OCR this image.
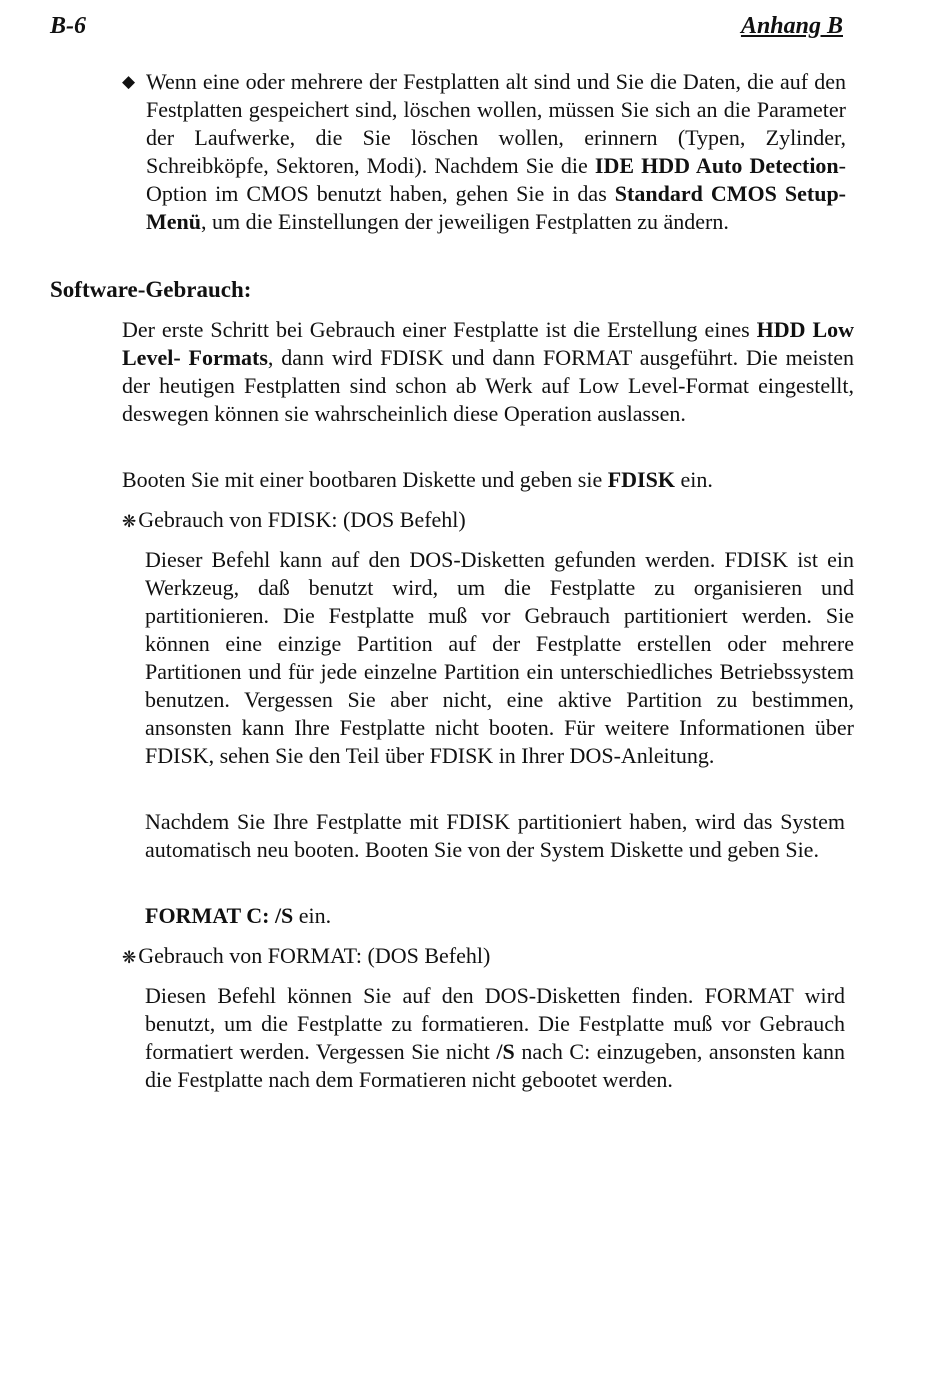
B-6	Anhang B
◆ Wenn eine oder mehrere der Festplatten alt sind und Sie die Daten, die auf den Festplatten gespeichert sind, löschen wollen, müssen Sie sich an die Parameter der Laufwerke, die Sie löschen wollen, erinnern (Typen, Zylinder, Schreibköpfe, Sektoren, Modi). Nachdem Sie die IDE HDD Auto Detection-Option im CMOS benutzt haben, gehen Sie in das Standard CMOS Setup-Menü, um die Einstellungen der jeweiligen Festplatten zu ändern.

Software-Gebrauch:

Der erste Schritt bei Gebrauch einer Festplatte ist die Erstellung eines HDD Low Level- Formats, dann wird FDISK und dann FORMAT ausgeführt. Die meisten der heutigen Festplatten sind schon ab Werk auf Low Level-Format eingestellt, deswegen können sie wahrscheinlich diese Operation auslassen.

Booten Sie mit einer bootbaren Diskette und geben sie FDISK ein.

❋Gebrauch von FDISK: (DOS Befehl)

Dieser Befehl kann auf den DOS-Disketten gefunden werden. FDISK ist ein Werkzeug, daß benutzt wird, um die Festplatte zu organisieren und partitionieren. Die Festplatte muß vor Gebrauch partitioniert werden. Sie können eine einzige Partition auf der Festplatte erstellen oder mehrere Partitionen und für jede einzelne Partition ein unterschiedliches Betriebssystem benutzen. Vergessen Sie aber nicht, eine aktive Partition zu bestimmen, ansonsten kann Ihre Festplatte nicht booten. Für weitere Informationen über FDISK, sehen Sie den Teil über FDISK in Ihrer DOS-Anleitung.

Nachdem Sie Ihre Festplatte mit FDISK partitioniert haben, wird das System automatisch neu booten. Booten Sie von der System Diskette und geben Sie.

FORMAT C: /S ein.
❋Gebrauch von FORMAT: (DOS Befehl)

Diesen Befehl können Sie auf den DOS-Disketten finden. FORMAT wird benutzt, um die Festplatte zu formatieren. Die Festplatte muß vor Gebrauch formatiert werden. Vergessen Sie nicht /S nach C: einzugeben, ansonsten kann die Festplatte nach dem Formatieren nicht gebootet werden.
